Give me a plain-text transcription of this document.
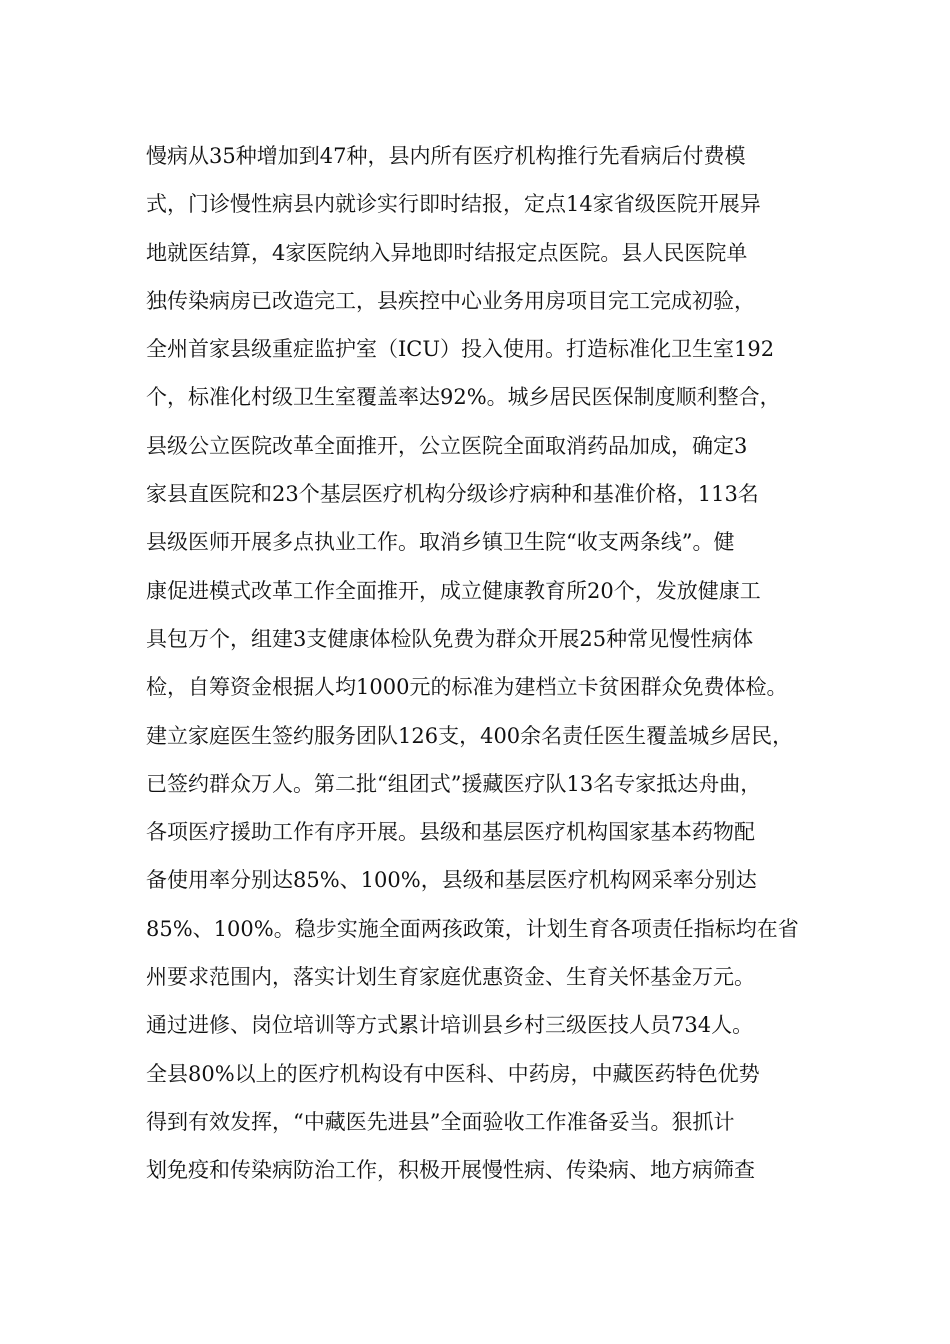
慢病从35种增加到47种，县内所有医疗机构推行先看病后付费模
式，门诊慢性病县内就诊实行即时结报，定点14家省级医院开展异
地就医结算，4家医院纳入异地即时结报定点医院。县人民医院单
独传染病房已改造完工，县疾控中心业务用房项目完工完成初验，
全州首家县级重症监护室（ICU）投入使用。打造标准化卫生室192
个，标准化村级卫生室覆盖率达92%。城乡居民医保制度顺利整合，
县级公立医院改革全面推开，公立医院全面取消药品加成，确定3
家县直医院和23个基层医疗机构分级诊疗病种和基准价格，113名
县级医师开展多点执业工作。取消乡镇卫生院“收支两条线”。健
康促进模式改革工作全面推开，成立健康教育所20个，发放健康工
具包万个，组建3支健康体检队免费为群众开展25种常见慢性病体
检，自筹资金根据人均1000元的标准为建档立卡贫困群众免费体检。
建立家庭医生签约服务团队126支，400余名责任医生覆盖城乡居民，
已签约群众万人。第二批“组团式”援藏医疗队13名专家抵达舟曲，
各项医疗援助工作有序开展。县级和基层医疗机构国家基本药物配
备使用率分别达85%、100%，县级和基层医疗机构网采率分别达
85%、100%。稳步实施全面两孩政策，计划生育各项责任指标均在省
州要求范围内，落实计划生育家庭优惠资金、生育关怀基金万元。
通过进修、岗位培训等方式累计培训县乡村三级医技人员734人。
全县80%以上的医疗机构设有中医科、中药房，中藏医药特色优势
得到有效发挥，“中藏医先进县”全面验收工作准备妥当。狠抓计
划免疫和传染病防治工作，积极开展慢性病、传染病、地方病筛查
